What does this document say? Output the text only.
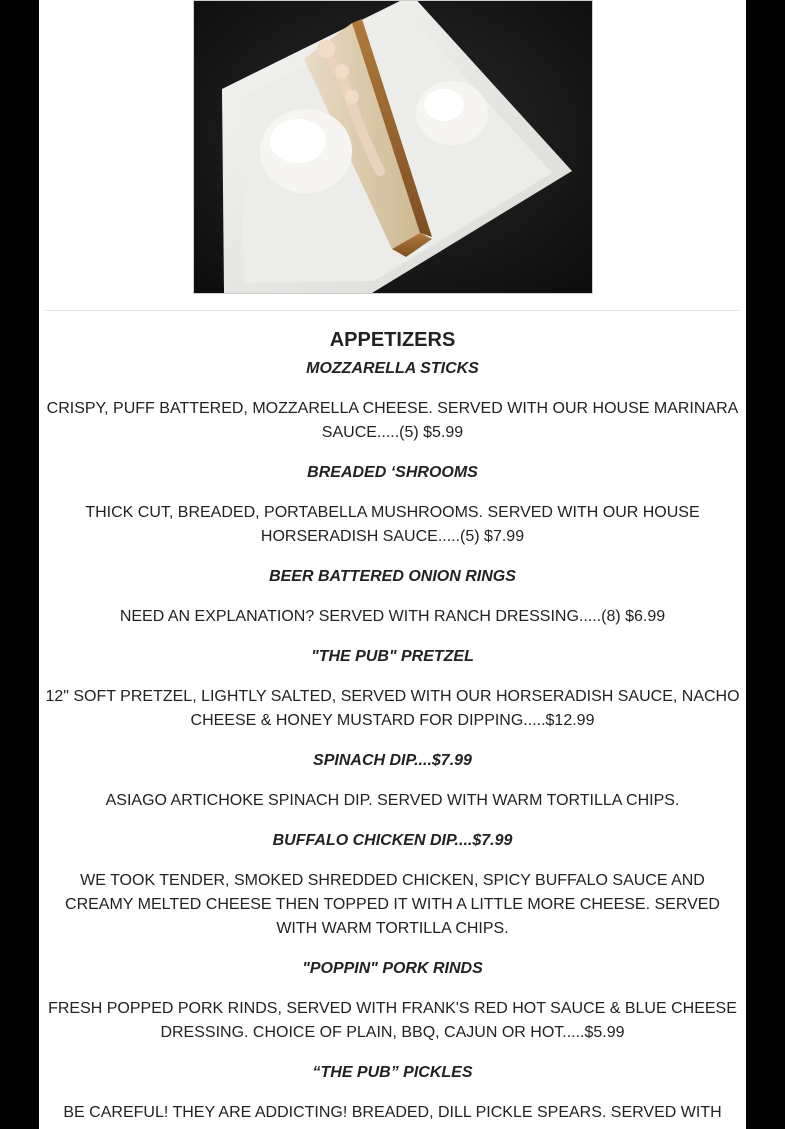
APPETIZERS
MOZZARELLA STICKS
CRISPY, PUFF BATTERED, MOZZARELLA CHEESE. SERVED WITH OUR HOUSE MARINARA SAUCE.....(5) $5.99
BREADED ‘SHROOMS
THICK CUT, BREADED, PORTABELLA MUSHROOMS. SERVED WITH OUR HOUSE HORSERADISH SAUCE.....(5) $7.99
BEER BATTERED ONION RINGS
NEED AN EXPLANATION? SERVED WITH RANCH DRESSING.....(8) $6.99
"THE PUB" PRETZEL
12" SOFT PRETZEL, LIGHTLY SALTED, SERVED WITH OUR HORSERADISH SAUCE, NACHO CHEESE & HONEY MUSTARD FOR DIPPING.....$12.99
SPINACH DIP....$7.99
ASIAGO ARTICHOKE SPINACH DIP. SERVED WITH WARM TORTILLA CHIPS.
BUFFALO CHICKEN DIP....$7.99
WE TOOK TENDER, SMOKED SHREDDED CHICKEN, SPICY BUFFALO SAUCE AND CREAMY MELTED CHEESE THEN TOPPED IT WITH A LITTLE MORE CHEESE. SERVED WITH WARM TORTILLA CHIPS.
"POPPIN" PORK RINDS
FRESH POPPED PORK RINDS, SERVED WITH FRANK'S RED HOT SAUCE & BLUE CHEESE DRESSING. CHOICE OF PLAIN, BBQ, CAJUN OR HOT.....$5.99
“THE PUB” PICKLES
BE CAREFUL! THEY ARE ADDICTING! BREADED, DILL PICKLE SPEARS. SERVED WITH
